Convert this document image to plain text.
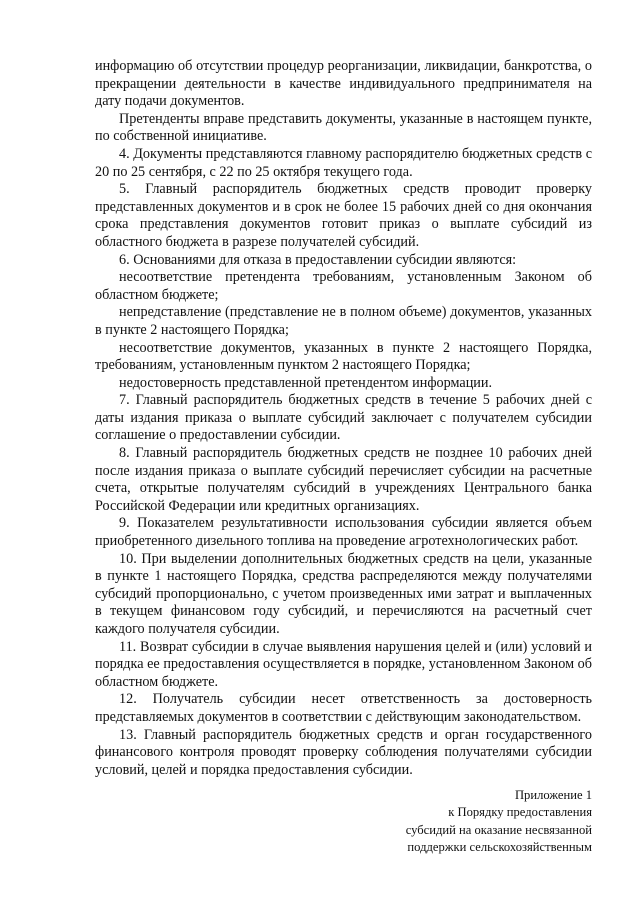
информацию об отсутствии процедур реорганизации, ликвидации, банкротства, о прекращении деятельности в качестве индивидуального предпринимателя на дату подачи документов.

Претенденты вправе представить документы, указанные в настоящем пункте, по собственной инициативе.

4. Документы представляются главному распорядителю бюджетных средств с 20 по 25 сентября, с 22 по 25 октября текущего года.

5. Главный распорядитель бюджетных средств проводит проверку представленных документов и в срок не более 15 рабочих дней со дня окончания срока представления документов готовит приказ о выплате субсидий из областного бюджета в разрезе получателей субсидий.

6. Основаниями для отказа в предоставлении субсидии являются:

несоответствие претендента требованиям, установленным Законом об областном бюджете;

непредставление (представление не в полном объеме) документов, указанных в пункте 2 настоящего Порядка;

несоответствие документов, указанных в пункте 2 настоящего Порядка, требованиям, установленным пунктом 2 настоящего Порядка;

недостоверность представленной претендентом информации.

7. Главный распорядитель бюджетных средств в течение 5 рабочих дней с даты издания приказа о выплате субсидий заключает с получателем субсидии соглашение о предоставлении субсидии.

8. Главный распорядитель бюджетных средств не позднее 10 рабочих дней после издания приказа о выплате субсидий перечисляет субсидии на расчетные счета, открытые получателям субсидий в учреждениях Центрального банка Российской Федерации или кредитных организациях.

9. Показателем результативности использования субсидии является объем приобретенного дизельного топлива на проведение агротехнологических работ.

10. При выделении дополнительных бюджетных средств на цели, указанные в пункте 1 настоящего Порядка, средства распределяются между получателями субсидий пропорционально, с учетом произведенных ими затрат и выплаченных в текущем финансовом году субсидий, и перечисляются на расчетный счет каждого получателя субсидии.

11. Возврат субсидии в случае выявления нарушения целей и (или) условий и порядка ее предоставления осуществляется в порядке, установленном Законом об областном бюджете.

12. Получатель субсидии несет ответственность за достоверность представляемых документов в соответствии с действующим законодательством.

13. Главный распорядитель бюджетных средств и орган государственного финансового контроля проводят проверку соблюдения получателями субсидии условий, целей и порядка предоставления субсидии.

Приложение 1
к Порядку предоставления
субсидий на оказание несвязанной
поддержки сельскохозяйственным
